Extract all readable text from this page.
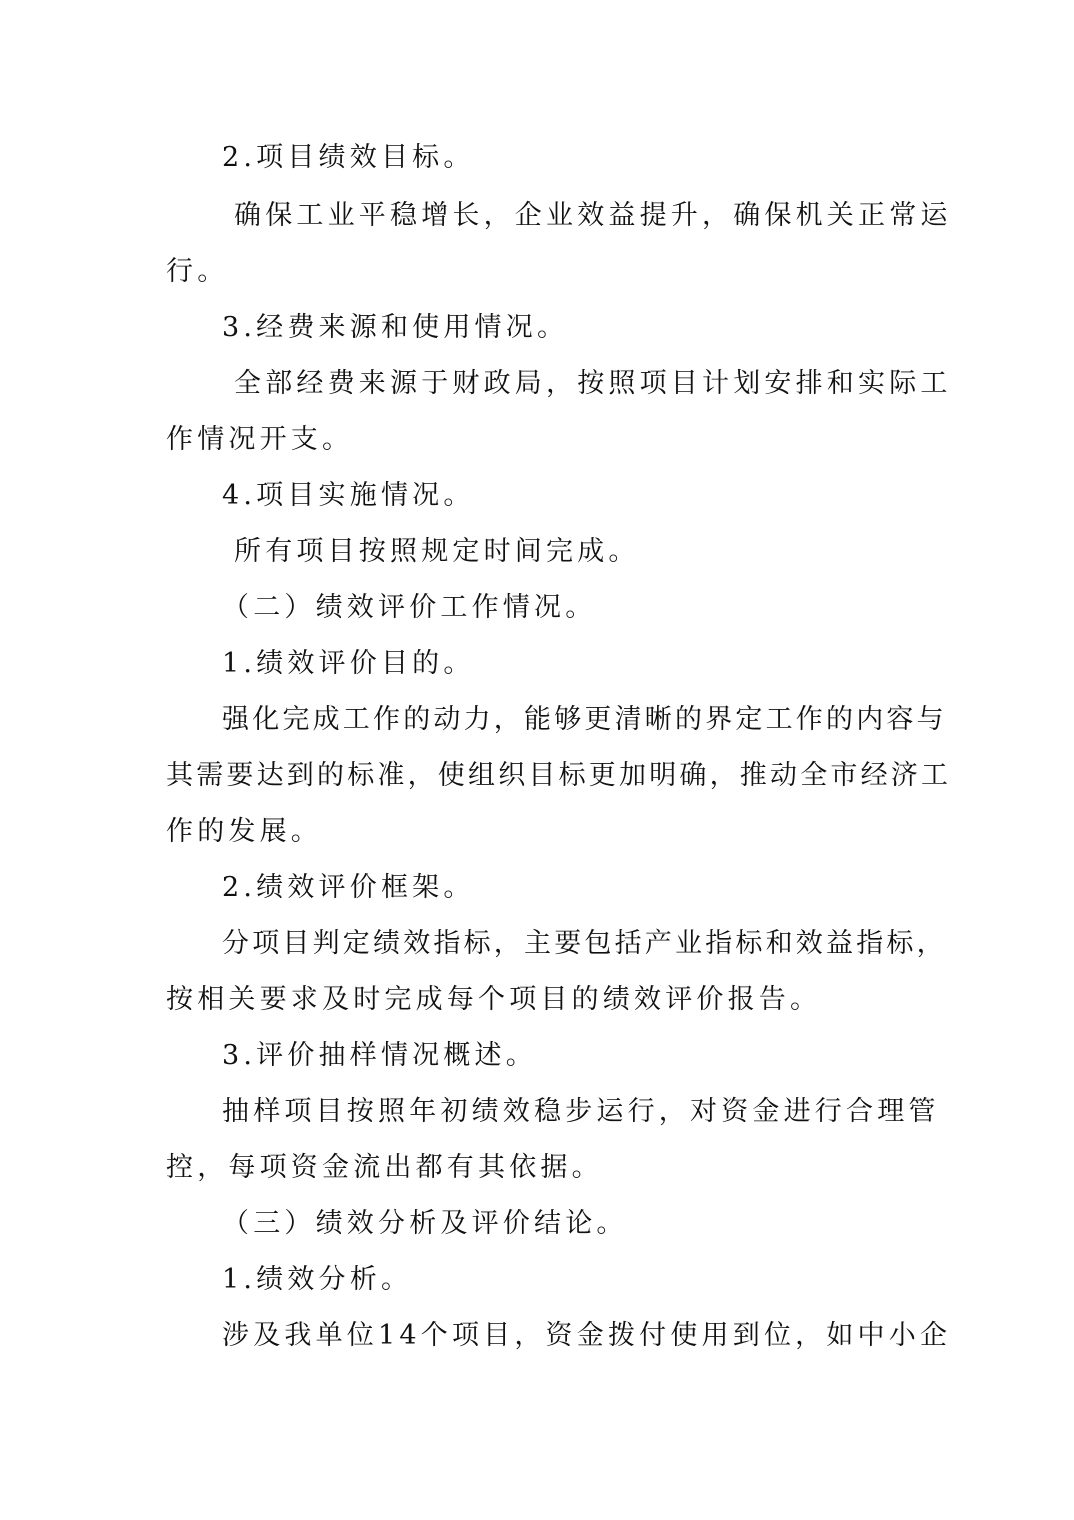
2.项目绩效目标。
确保工业平稳增长，企业效益提升，确保机关正常运
行。
3.经费来源和使用情况。
全部经费来源于财政局，按照项目计划安排和实际工
作情况开支。
4.项目实施情况。
所有项目按照规定时间完成。
（二）绩效评价工作情况。
1.绩效评价目的。
强化完成工作的动力，能够更清晰的界定工作的内容与
其需要达到的标准，使组织目标更加明确，推动全市经济工
作的发展。
2.绩效评价框架。
分项目判定绩效指标，主要包括产业指标和效益指标，
按相关要求及时完成每个项目的绩效评价报告。
3.评价抽样情况概述。
抽样项目按照年初绩效稳步运行，对资金进行合理管
控，每项资金流出都有其依据。
（三）绩效分析及评价结论。
1.绩效分析。
涉及我单位14个项目，资金拨付使用到位，如中小企
